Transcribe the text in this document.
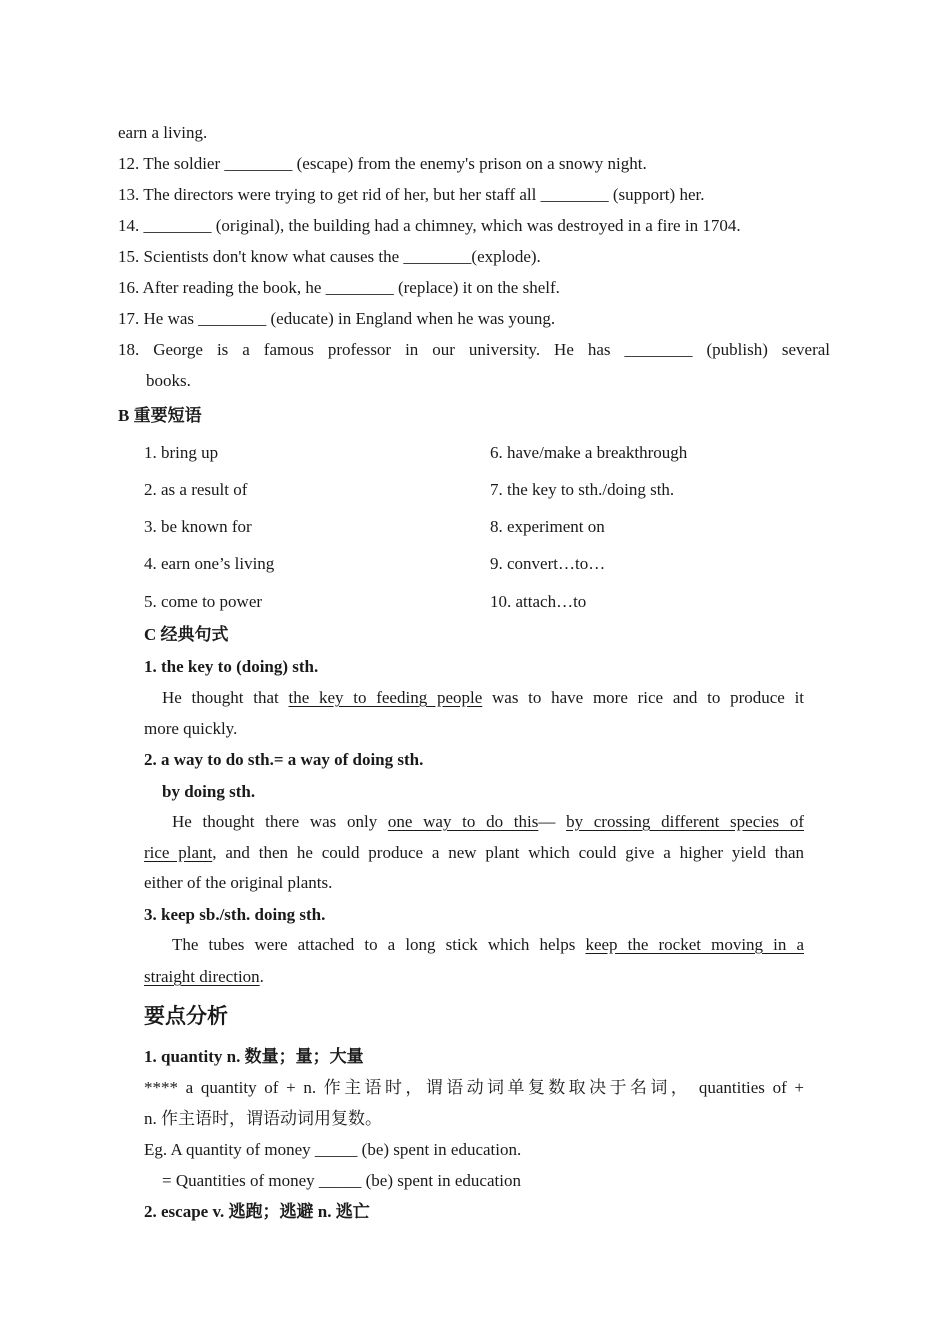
earn a living.
12. The soldier ________ (escape) from the enemy's prison on a snowy night.
13. The directors were trying to get rid of her, but her staff all ________ (support) her.
14. ________ (original), the building had a chimney, which was destroyed in a fire in 1704.
15. Scientists don't know what causes the ________(explode).
16. After reading the book, he ________ (replace) it on the shelf.
17. He was ________ (educate) in England when he was young.
18. George is a famous professor in our university. He has ________ (publish) several
books.
B 重要短语
1. bring up
2. as a result of
3. be known for
4. earn one’s living
5. come to power
6. have/make a breakthrough
7. the key to sth./doing sth.
8. experiment on
9. convert…to…
10. attach…to
C 经典句式
1. the key to (doing) sth.
He thought that the key to feeding people was to have more rice and to produce it
more quickly.
2. a way to do sth.= a way of doing sth.
by doing sth.
He thought there was only one way to do this— by crossing different species of
rice plant, and then he could produce a new plant which could give a higher yield than
either of the original plants.
3. keep sb./sth. doing sth.
The tubes were attached to a long stick which helps keep the rocket moving in a
straight direction.
要点分析
1. quantity n. 数量；量；大量
**** a quantity of + n. 作主语时，谓语动词单复数取决于名词， quantities of +
n. 作主语时，谓语动词用复数。
Eg. A quantity of money _____ (be) spent in education.
= Quantities of money _____ (be) spent in education
2. escape v. 逃跑；逃避 n. 逃亡
